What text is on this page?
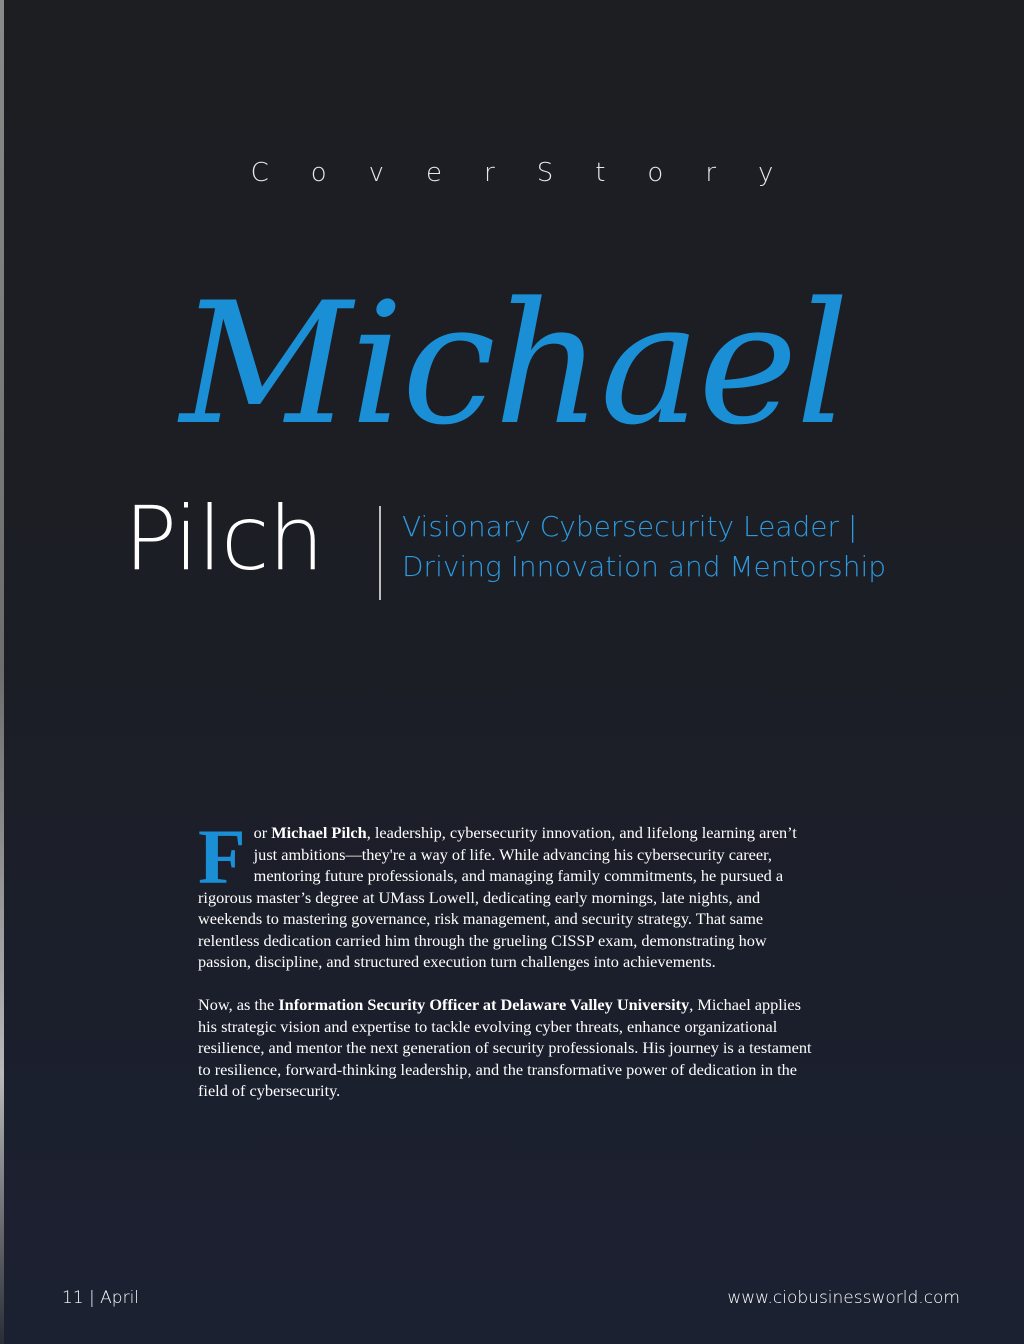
CoverStory
Michael
Pilch	Visionary Cybersecurity Leader |
Driving Innovation and Mentorship

For Michael Pilch, leadership, cybersecurity innovation, and lifelong learning aren’t just ambitions—they're a way of life. While advancing his cybersecurity career, mentoring future professionals, and managing family commitments, he pursued a rigorous master’s degree at UMass Lowell, dedicating early mornings, late nights, and weekends to mastering governance, risk management, and security strategy. That same relentless dedication carried him through the grueling CISSP exam, demonstrating how passion, discipline, and structured execution turn challenges into achievements.

Now, as the Information Security Officer at Delaware Valley University, Michael applies his strategic vision and expertise to tackle evolving cyber threats, enhance organizational resilience, and mentor the next generation of security professionals. His journey is a testament to resilience, forward-thinking leadership, and the transformative power of dedication in the field of cybersecurity.

11 | April	www.ciobusinessworld.com
